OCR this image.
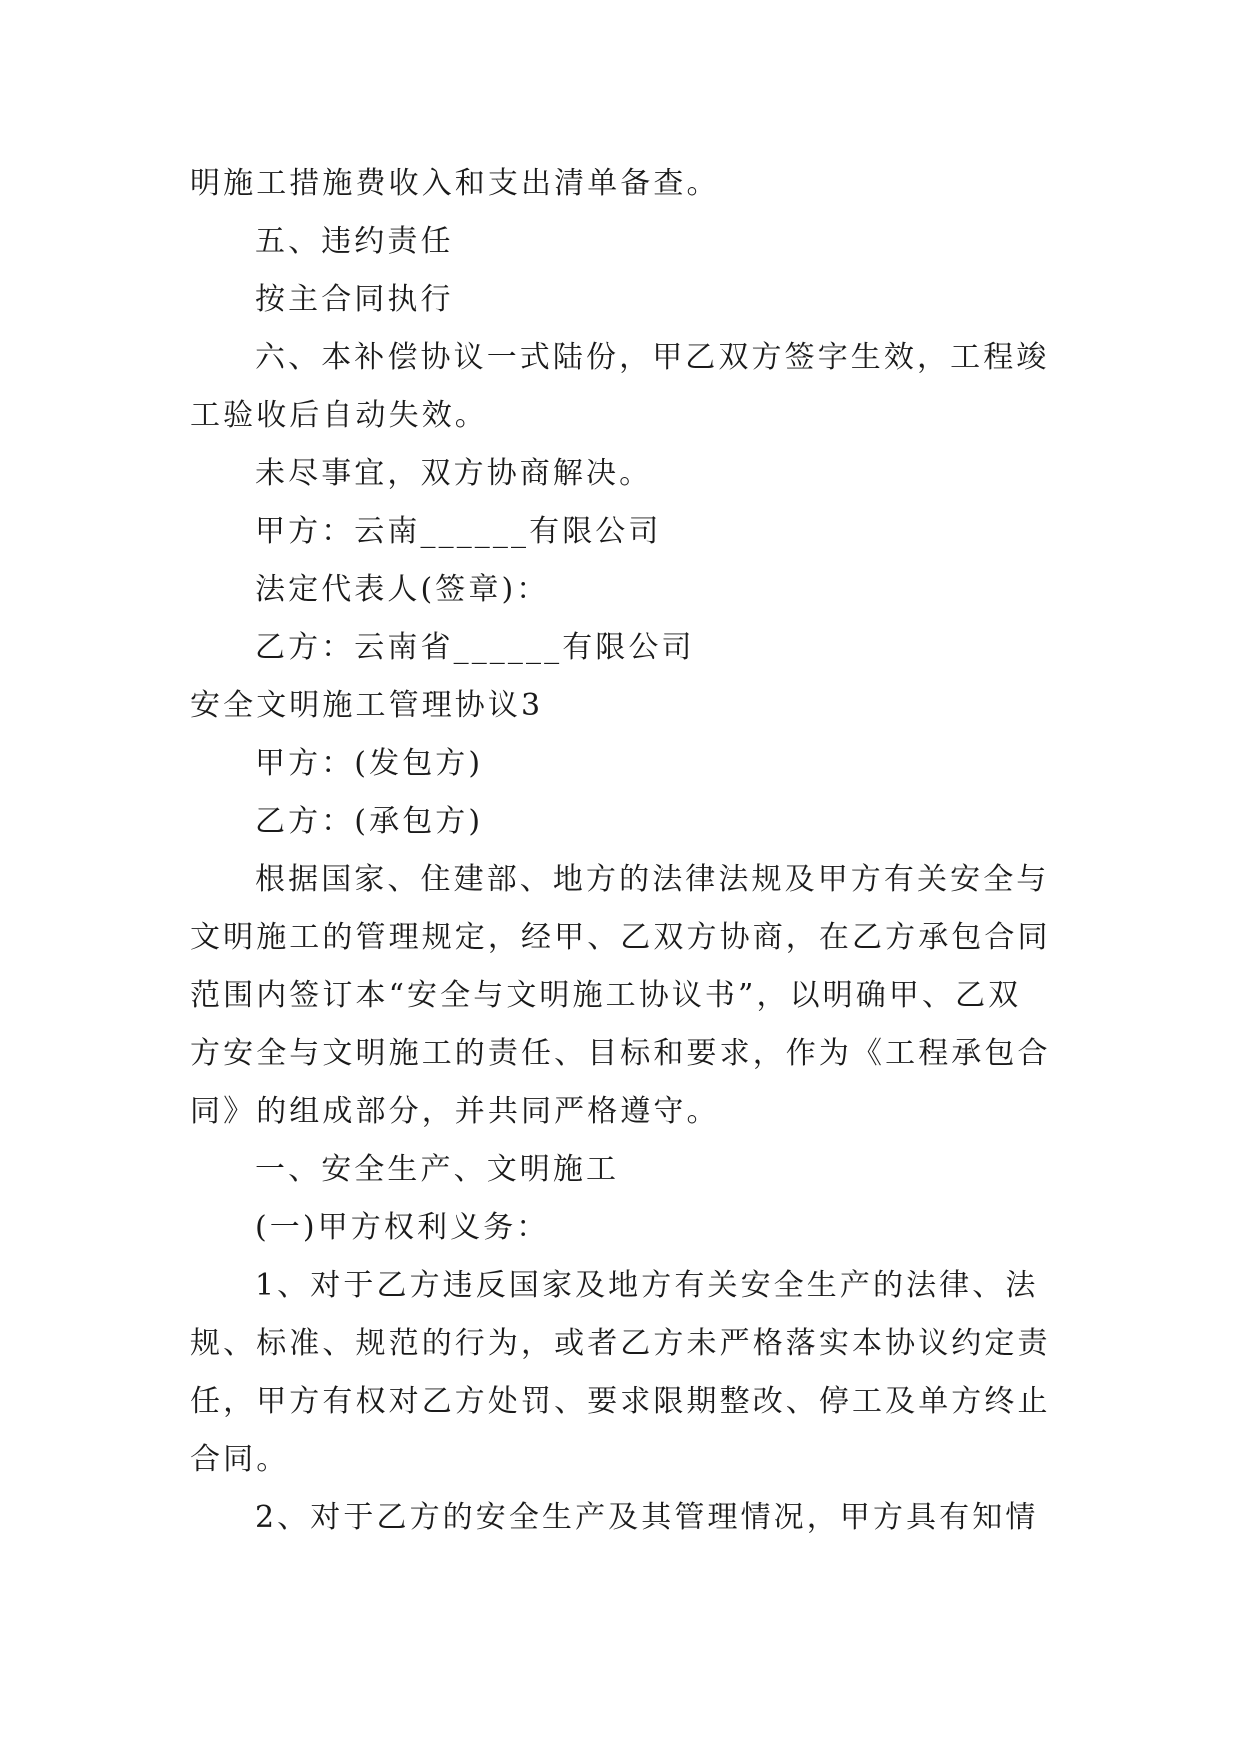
明施工措施费收入和支出清单备查。
五、违约责任
按主合同执行
六、本补偿协议一式陆份，甲乙双方签字生效，工程竣
工验收后自动失效。
未尽事宜，双方协商解决。
甲方：云南______有限公司
法定代表人(签章)：
乙方：云南省______有限公司
安全文明施工管理协议3
甲方：(发包方)
乙方：(承包方)
根据国家、住建部、地方的法律法规及甲方有关安全与
文明施工的管理规定，经甲、乙双方协商，在乙方承包合同
范围内签订本“安全与文明施工协议书”，以明确甲、乙双
方安全与文明施工的责任、目标和要求，作为《工程承包合
同》的组成部分，并共同严格遵守。
一、安全生产、文明施工
(一)甲方权利义务：
1、对于乙方违反国家及地方有关安全生产的法律、法
规、标准、规范的行为，或者乙方未严格落实本协议约定责
任，甲方有权对乙方处罚、要求限期整改、停工及单方终止
合同。
2、对于乙方的安全生产及其管理情况，甲方具有知情
